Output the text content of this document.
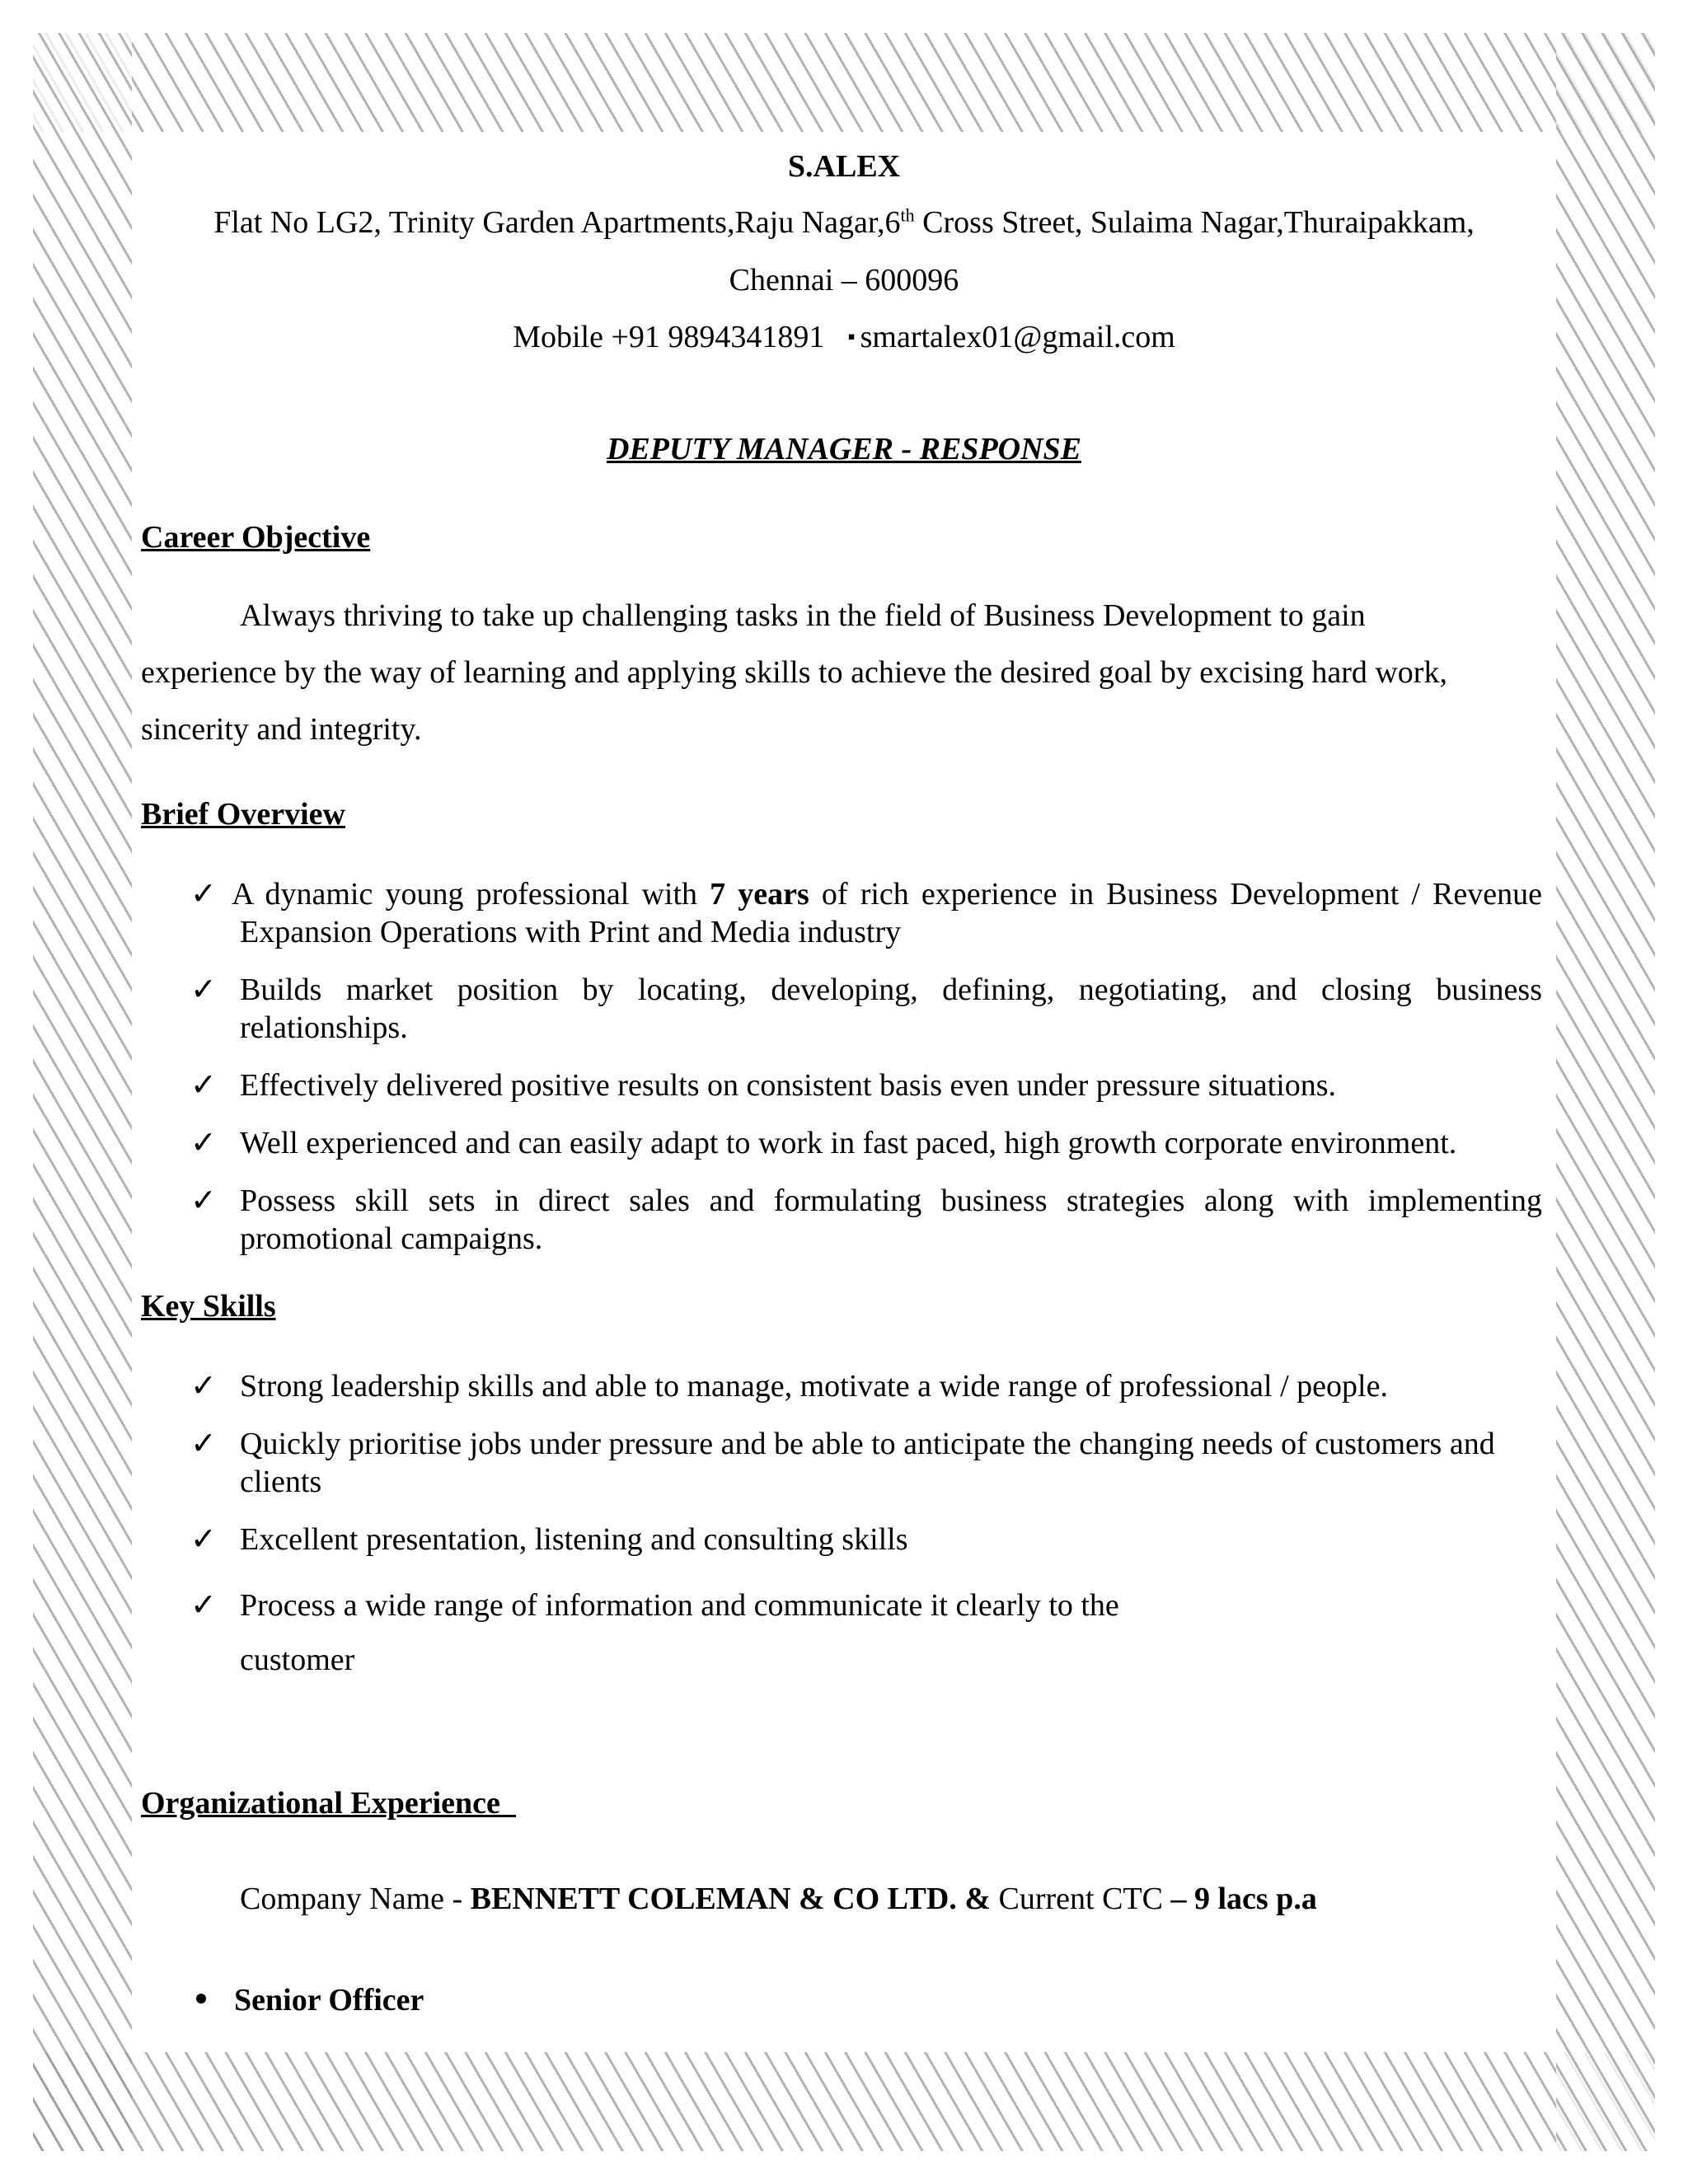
S.ALEX
Flat No LG2, Trinity Garden Apartments,Raju Nagar,6th Cross Street, Sulaima Nagar,Thuraipakkam,
Chennai – 600096
Mobile +91 9894341891 ▪ smartalex01@gmail.com
DEPUTY MANAGER - RESPONSE
Career Objective
Always thriving to take up challenging tasks in the field of Business Development to gain
experience by the way of learning and applying skills to achieve the desired goal by excising hard work,
sincerity and integrity.
Brief Overview
✓ A dynamic young professional with 7 years of rich experience in Business Development / Revenue Expansion Operations with Print and Media industry
✓ Builds market position by locating, developing, defining, negotiating, and closing business relationships.
✓ Effectively delivered positive results on consistent basis even under pressure situations.
✓ Well experienced and can easily adapt to work in fast paced, high growth corporate environment.
✓ Possess skill sets in direct sales and formulating business strategies along with implementing promotional campaigns.
Key Skills
✓ Strong leadership skills and able to manage, motivate a wide range of professional / people.
✓ Quickly prioritise jobs under pressure and be able to anticipate the changing needs of customers and clients
✓ Excellent presentation, listening and consulting skills
✓ Process a wide range of information and communicate it clearly to the
customer
Organizational Experience
Company Name - BENNETT COLEMAN & CO LTD. & Current CTC – 9 lacs p.a
Senior Officer
